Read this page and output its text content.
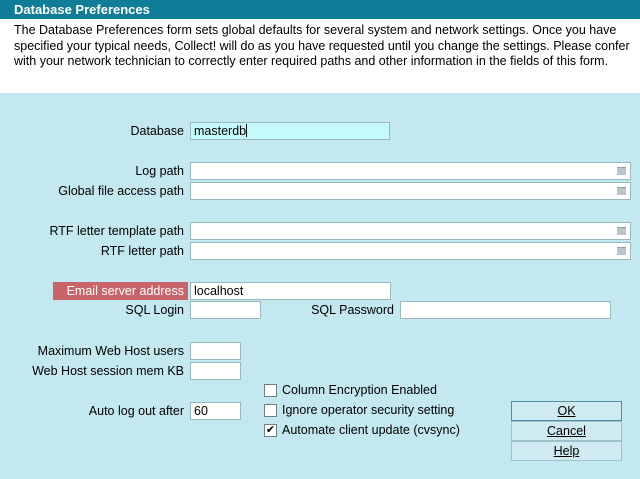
Database Preferences
The Database Preferences form sets global defaults for several system and network settings. Once you have specified your typical needs, Collect! will do as you have requested until you change the settings. Please confer with your network technician to correctly enter required paths and other information in the fields of this form.
Database masterdb
Log path
Global file access path
RTF letter template path
RTF letter path
Email server address localhost
SQL Login	SQL Password
Maximum Web Host users
Web Host session mem KB
Auto log out after 60
Column Encryption Enabled
Ignore operator security setting
✔ Automate client update (cvsync)
OK
Cancel
Help
